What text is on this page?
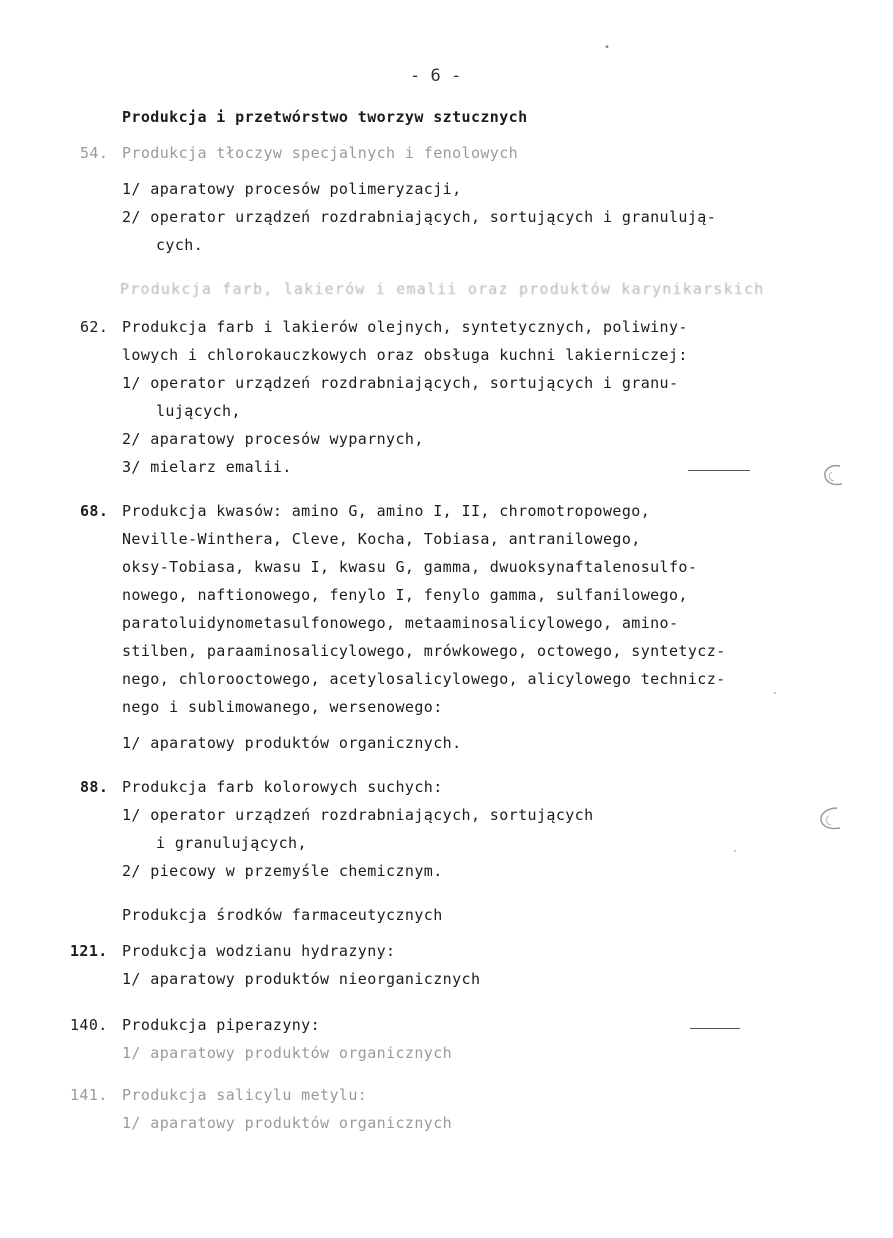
- 6 -
Produkcja i przetwórstwo tworzyw sztucznych
54. Produkcja tłoczyw specjalnych i fenolowych
1/ aparatowy procesów polimeryzacji,
2/ operator urządzeń rozdrabniających, sortujących i granulują-
cych.
Produkcja farb, lakierów i emalii oraz produktów karynikarskich
62. Produkcja farb i lakierów olejnych, syntetycznych, poliwiny-
lowych i chlorokauczkowych oraz obsługa kuchni lakierniczej:
1/ operator urządzeń rozdrabniających, sortujących i granu-
lujących,
2/ aparatowy procesów wyparnych,
3/ mielarz emalii.
68. Produkcja kwasów: amino G, amino I, II, chromotropowego,
Neville-Winthera, Cleve, Kocha, Tobiasa, antranilowego,
oksy-Tobiasa, kwasu I, kwasu G, gamma, dwuoksynaftalenosulfo-
nowego, naftionowego, fenylo I, fenylo gamma, sulfanilowego,
paratoluidynometasulfonowego, metaaminosalicylowego, amino-
stilben, paraaminosalicylowego, mrówkowego, octowego, syntetycz-
nego, chlorooctowego, acetylosalicylowego, alicylowego technicz-
nego i sublimowanego, wersenowego:
1/ aparatowy produktów organicznych.
88. Produkcja farb kolorowych suchych:
1/ operator urządzeń rozdrabniających, sortujących
i granulujących,
2/ piecowy w przemyśle chemicznym.
Produkcja środków farmaceutycznych
121. Produkcja wodzianu hydrazyny:
1/ aparatowy produktów nieorganicznych
140. Produkcja piperazyny:
1/ aparatowy produktów organicznych
141. Produkcja salicylu metylu:
1/ aparatowy produktów organicznych
•
·
·
